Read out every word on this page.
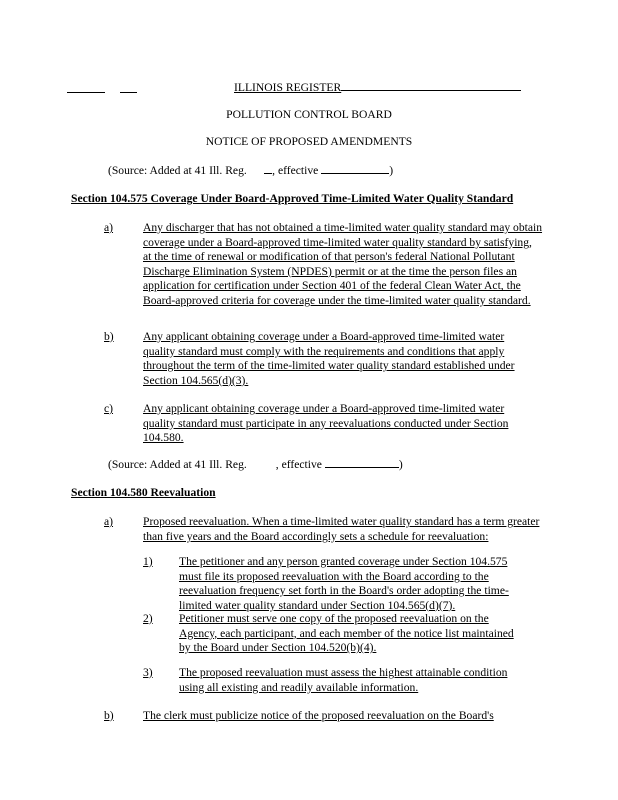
ILLINOIS REGISTER
POLLUTION CONTROL BOARD
NOTICE OF PROPOSED AMENDMENTS
(Source: Added at 41 Ill. Reg. , effective	)
Section 104.575 Coverage Under Board-Approved Time-Limited Water Quality Standard
a)	Any discharger that has not obtained a time-limited water quality standard may obtain coverage under a Board-approved time-limited water quality standard by satisfying, at the time of renewal or modification of that person's federal National Pollutant Discharge Elimination System (NPDES) permit or at the time the person files an application for certification under Section 401 of the federal Clean Water Act, the Board-approved criteria for coverage under the time-limited water quality standard.
b)	Any applicant obtaining coverage under a Board-approved time-limited water quality standard must comply with the requirements and conditions that apply throughout the term of the time-limited water quality standard established under Section 104.565(d)(3).
c)	Any applicant obtaining coverage under a Board-approved time-limited water quality standard must participate in any reevaluations conducted under Section 104.580.
(Source: Added at 41 Ill. Reg. , effective	)
Section 104.580 Reevaluation
a)	Proposed reevaluation. When a time-limited water quality standard has a term greater than five years and the Board accordingly sets a schedule for reevaluation:
1) The petitioner and any person granted coverage under Section 104.575 must file its proposed reevaluation with the Board according to the reevaluation frequency set forth in the Board's order adopting the time-limited water quality standard under Section 104.565(d)(7).
2) Petitioner must serve one copy of the proposed reevaluation on the Agency, each participant, and each member of the notice list maintained by the Board under Section 104.520(b)(4).
3) The proposed reevaluation must assess the highest attainable condition using all existing and readily available information.
b)	The clerk must publicize notice of the proposed reevaluation on the Board's
